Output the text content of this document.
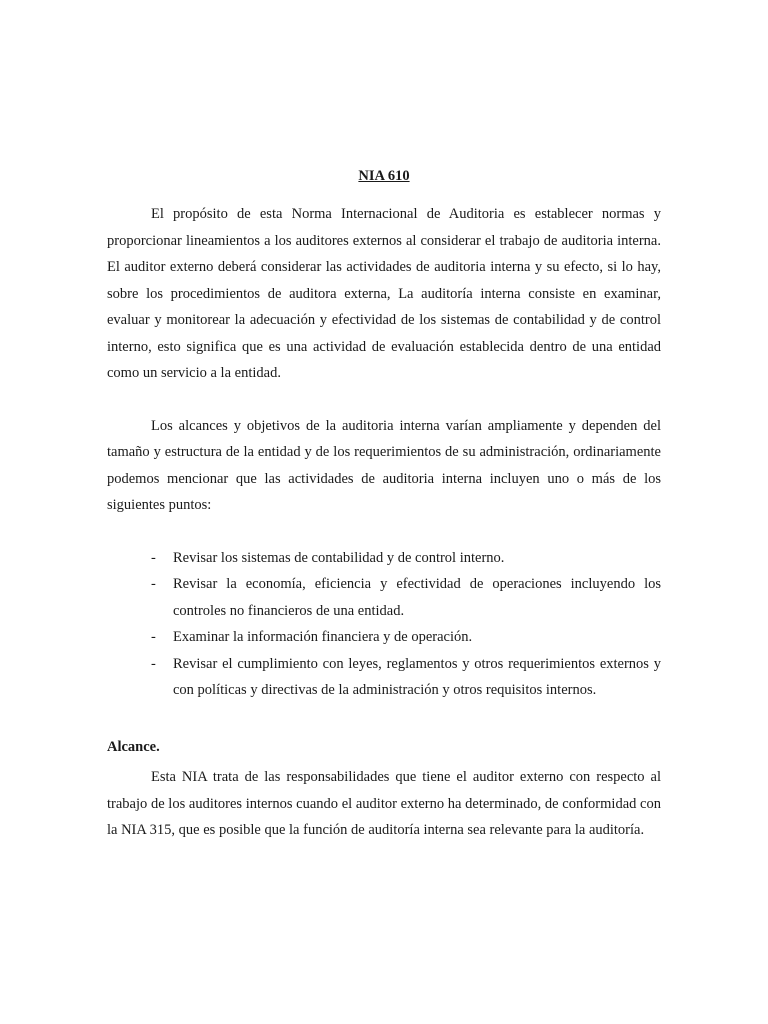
NIA 610

El propósito de esta Norma Internacional de Auditoria es establecer normas y proporcionar lineamientos a los auditores externos al considerar el trabajo de auditoria interna. El auditor externo deberá considerar las actividades de auditoria interna y su efecto, si lo hay, sobre los procedimientos de auditora externa, La auditoría interna consiste en examinar, evaluar y monitorear la adecuación y efectividad de los sistemas de contabilidad y de control interno, esto significa que es una actividad de evaluación establecida dentro de una entidad como un servicio a la entidad.

Los alcances y objetivos de la auditoria interna varían ampliamente y dependen del tamaño y estructura de la entidad y de los requerimientos de su administración, ordinariamente podemos mencionar que las actividades de auditoria interna incluyen uno o más de los siguientes puntos:

- Revisar los sistemas de contabilidad y de control interno.
- Revisar la economía, eficiencia y efectividad de operaciones incluyendo los controles no financieros de una entidad.
- Examinar la información financiera y de operación.
- Revisar el cumplimiento con leyes, reglamentos y otros requerimientos externos y con políticas y directivas de la administración y otros requisitos internos.
Alcance.

Esta NIA trata de las responsabilidades que tiene el auditor externo con respecto al trabajo de los auditores internos cuando el auditor externo ha determinado, de conformidad con la NIA 315, que es posible que la función de auditoría interna sea relevante para la auditoría.
